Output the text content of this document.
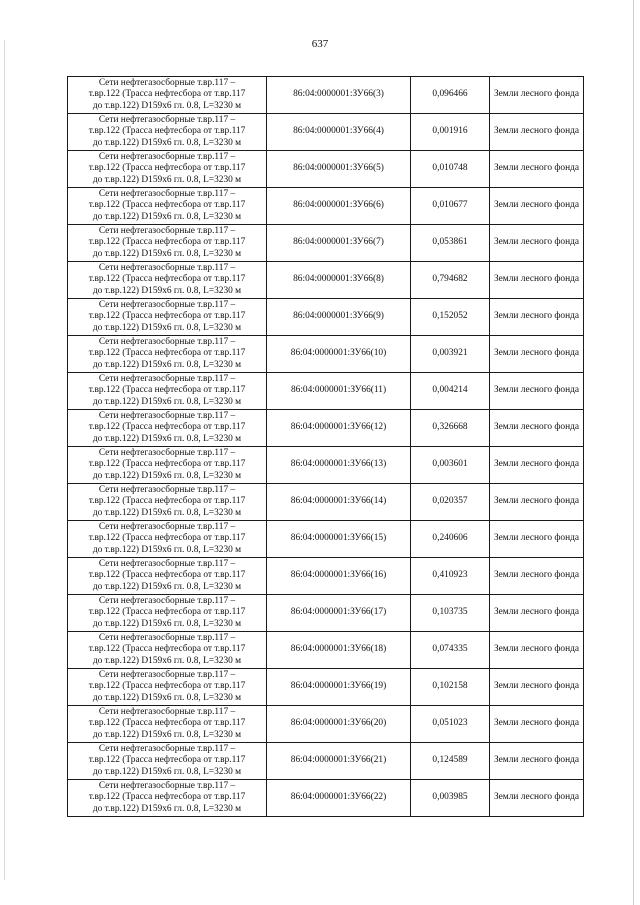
637
Сети нефтегазосборные т.вр.117 –
т.вр.122 (Трасса нефтесбора от т.вр.117
до т.вр.122) D159x6 гл. 0.8, L=3230 м	86:04:0000001:ЗУ66(3)	0,096466	Земли лесного фонда

Сети нефтегазосборные т.вр.117 –
т.вр.122 (Трасса нефтесбора от т.вр.117
до т.вр.122) D159x6 гл. 0.8, L=3230 м	86:04:0000001:ЗУ66(4)	0,001916	Земли лесного фонда

Сети нефтегазосборные т.вр.117 –
т.вр.122 (Трасса нефтесбора от т.вр.117
до т.вр.122) D159x6 гл. 0.8, L=3230 м	86:04:0000001:ЗУ66(5)	0,010748	Земли лесного фонда

Сети нефтегазосборные т.вр.117 –
т.вр.122 (Трасса нефтесбора от т.вр.117
до т.вр.122) D159x6 гл. 0.8, L=3230 м	86:04:0000001:ЗУ66(6)	0,010677	Земли лесного фонда

Сети нефтегазосборные т.вр.117 –
т.вр.122 (Трасса нефтесбора от т.вр.117
до т.вр.122) D159x6 гл. 0.8, L=3230 м	86:04:0000001:ЗУ66(7)	0,053861	Земли лесного фонда

Сети нефтегазосборные т.вр.117 –
т.вр.122 (Трасса нефтесбора от т.вр.117
до т.вр.122) D159x6 гл. 0.8, L=3230 м	86:04:0000001:ЗУ66(8)	0,794682	Земли лесного фонда

Сети нефтегазосборные т.вр.117 –
т.вр.122 (Трасса нефтесбора от т.вр.117
до т.вр.122) D159x6 гл. 0.8, L=3230 м	86:04:0000001:ЗУ66(9)	0,152052	Земли лесного фонда

Сети нефтегазосборные т.вр.117 –
т.вр.122 (Трасса нефтесбора от т.вр.117
до т.вр.122) D159x6 гл. 0.8, L=3230 м	86:04:0000001:ЗУ66(10)	0,003921	Земли лесного фонда

Сети нефтегазосборные т.вр.117 –
т.вр.122 (Трасса нефтесбора от т.вр.117
до т.вр.122) D159x6 гл. 0.8, L=3230 м	86:04:0000001:ЗУ66(11)	0,004214	Земли лесного фонда

Сети нефтегазосборные т.вр.117 –
т.вр.122 (Трасса нефтесбора от т.вр.117
до т.вр.122) D159x6 гл. 0.8, L=3230 м	86:04:0000001:ЗУ66(12)	0,326668	Земли лесного фонда

Сети нефтегазосборные т.вр.117 –
т.вр.122 (Трасса нефтесбора от т.вр.117
до т.вр.122) D159x6 гл. 0.8, L=3230 м	86:04:0000001:ЗУ66(13)	0,003601	Земли лесного фонда

Сети нефтегазосборные т.вр.117 –
т.вр.122 (Трасса нефтесбора от т.вр.117
до т.вр.122) D159x6 гл. 0.8, L=3230 м	86:04:0000001:ЗУ66(14)	0,020357	Земли лесного фонда

Сети нефтегазосборные т.вр.117 –
т.вр.122 (Трасса нефтесбора от т.вр.117
до т.вр.122) D159x6 гл. 0.8, L=3230 м	86:04:0000001:ЗУ66(15)	0,240606	Земли лесного фонда

Сети нефтегазосборные т.вр.117 –
т.вр.122 (Трасса нефтесбора от т.вр.117
до т.вр.122) D159x6 гл. 0.8, L=3230 м	86:04:0000001:ЗУ66(16)	0,410923	Земли лесного фонда

Сети нефтегазосборные т.вр.117 –
т.вр.122 (Трасса нефтесбора от т.вр.117
до т.вр.122) D159x6 гл. 0.8, L=3230 м	86:04:0000001:ЗУ66(17)	0,103735	Земли лесного фонда

Сети нефтегазосборные т.вр.117 –
т.вр.122 (Трасса нефтесбора от т.вр.117
до т.вр.122) D159x6 гл. 0.8, L=3230 м	86:04:0000001:ЗУ66(18)	0,074335	Земли лесного фонда

Сети нефтегазосборные т.вр.117 –
т.вр.122 (Трасса нефтесбора от т.вр.117
до т.вр.122) D159x6 гл. 0.8, L=3230 м	86:04:0000001:ЗУ66(19)	0,102158	Земли лесного фонда

Сети нефтегазосборные т.вр.117 –
т.вр.122 (Трасса нефтесбора от т.вр.117
до т.вр.122) D159x6 гл. 0.8, L=3230 м	86:04:0000001:ЗУ66(20)	0,051023	Земли лесного фонда

Сети нефтегазосборные т.вр.117 –
т.вр.122 (Трасса нефтесбора от т.вр.117
до т.вр.122) D159x6 гл. 0.8, L=3230 м	86:04:0000001:ЗУ66(21)	0,124589	Земли лесного фонда

Сети нефтегазосборные т.вр.117 –
т.вр.122 (Трасса нефтесбора от т.вр.117
до т.вр.122) D159x6 гл. 0.8, L=3230 м	86:04:0000001:ЗУ66(22)	0,003985	Земли лесного фонда
